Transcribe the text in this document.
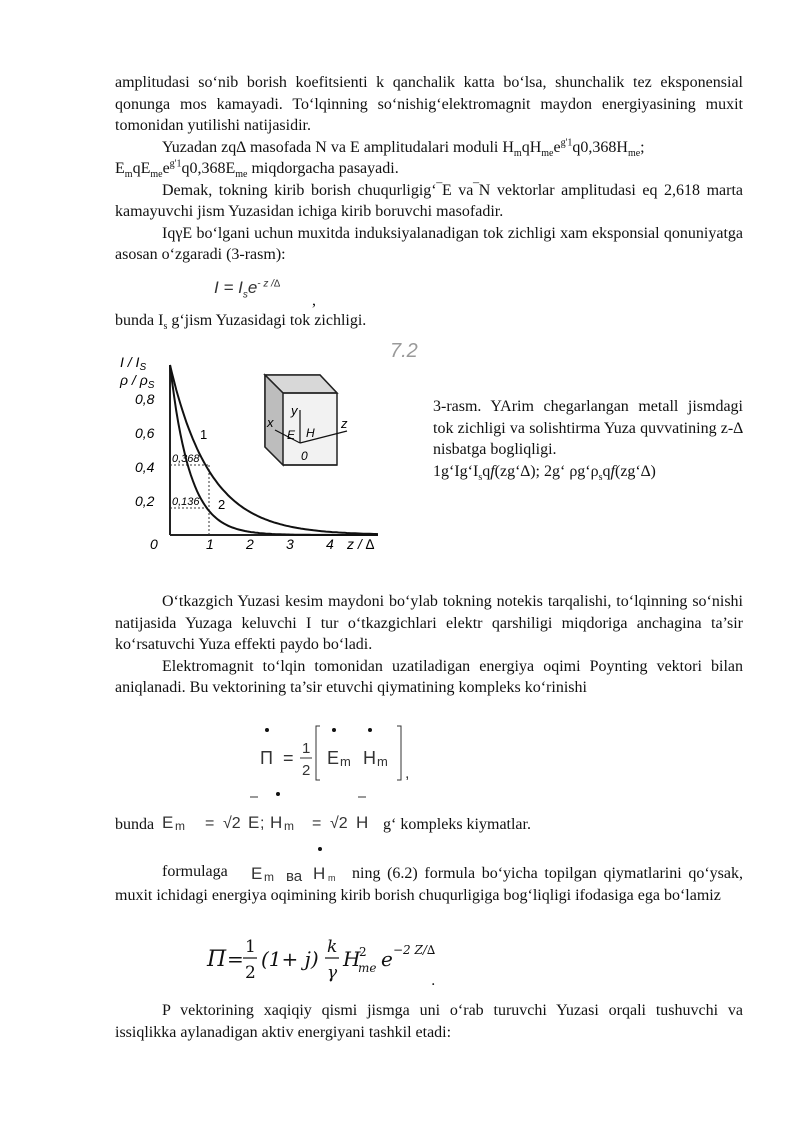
amplitudasi so‘nib borish koefitsienti k qanchalik katta bo‘lsa, shunchalik tez eksponensial qonunga mos kamayadi. To‘lqinning so‘nishig‘elektromagnit maydon energiyasining muxit tomonidan yutilishi natijasidir.

Yuzadan zq∆ masofada N va E amplitudalari moduli $H_mqH_{me}e^{g'1}q0,368H_{me}$;
$E_mqE_{me}e^{g'1}q0,368E_{me}$ miqdorgacha pasayadi.

Demak, tokning kirib borish chuqurligig‘‾E va‾N vektorlar amplitudasi eq 2,618 marta kamayuvchi jism Yuzasidan ichiga kirib boruvchi masofadir.

IqγE bo‘lgani uchun muxitda induksiyalanadigan tok zichligi xam eksponsial qonuniyatga asosan o‘zgaradi (3-rasm):

$I = I_se^{- z /\Delta}$
,

bunda $I_s$ g‘jism Yuzasidagi tok zichligi.

7.2
I / $I_S$
ρ / $\rho_S$
0,8
0,6
0,4
0,2
0	1 2 3 4 z / ∆
0,368
0,136
1
2
y
x	z
E H
0

3-rasm. YArim chegarlangan metall jismdagi tok zichligi va solishtirma Yuza quvvatining z-∆ nisbatga bogliqligi.

$1g‘Ig‘I_sqf(zg‘\Delta)$; 2g‘ $\rho g‘\rho_sqf(zg‘\Delta)$

O‘tkazgich Yuzasi kesim maydoni bo‘ylab tokning notekis tarqalishi, to‘lqinning so‘nishi natijasida Yuzaga keluvchi I tur o‘tkazgichlari elektr qarshiligi miqdoriga anchagina ta’sir ko‘rsatuvchi Yuza effekti paydo bo‘ladi.

Elektromagnit to‘lqin tomonidan uzatiladigan energiya oqimi Poynting vektori bilan aniqlanadi. Bu vektorining ta’sir etuvchi qiymatining kompleks ko‘rinishi

Π = 1
2
E m H m
,
bunda E m = √2 E ; H m = √2 H g‘ kompleks kiymatlar.
formulaga E m ва H m	ning (6.2) formula bo‘yicha topilgan qiymatlarini qo‘ysak, muxit ichidagi energiya oqimining kirib borish chuqurligiga bog‘liqligi ifodasiga ega bo‘lamiz

Π = 1
2
(1+ j) k
γ
H
2
me e −2 Z/∆
.

P vektorining xaqiqiy qismi jismga uni o‘rab turuvchi Yuzasi orqali tushuvchi va issiqlikka aylanadigan aktiv energiyani tashkil etadi:
